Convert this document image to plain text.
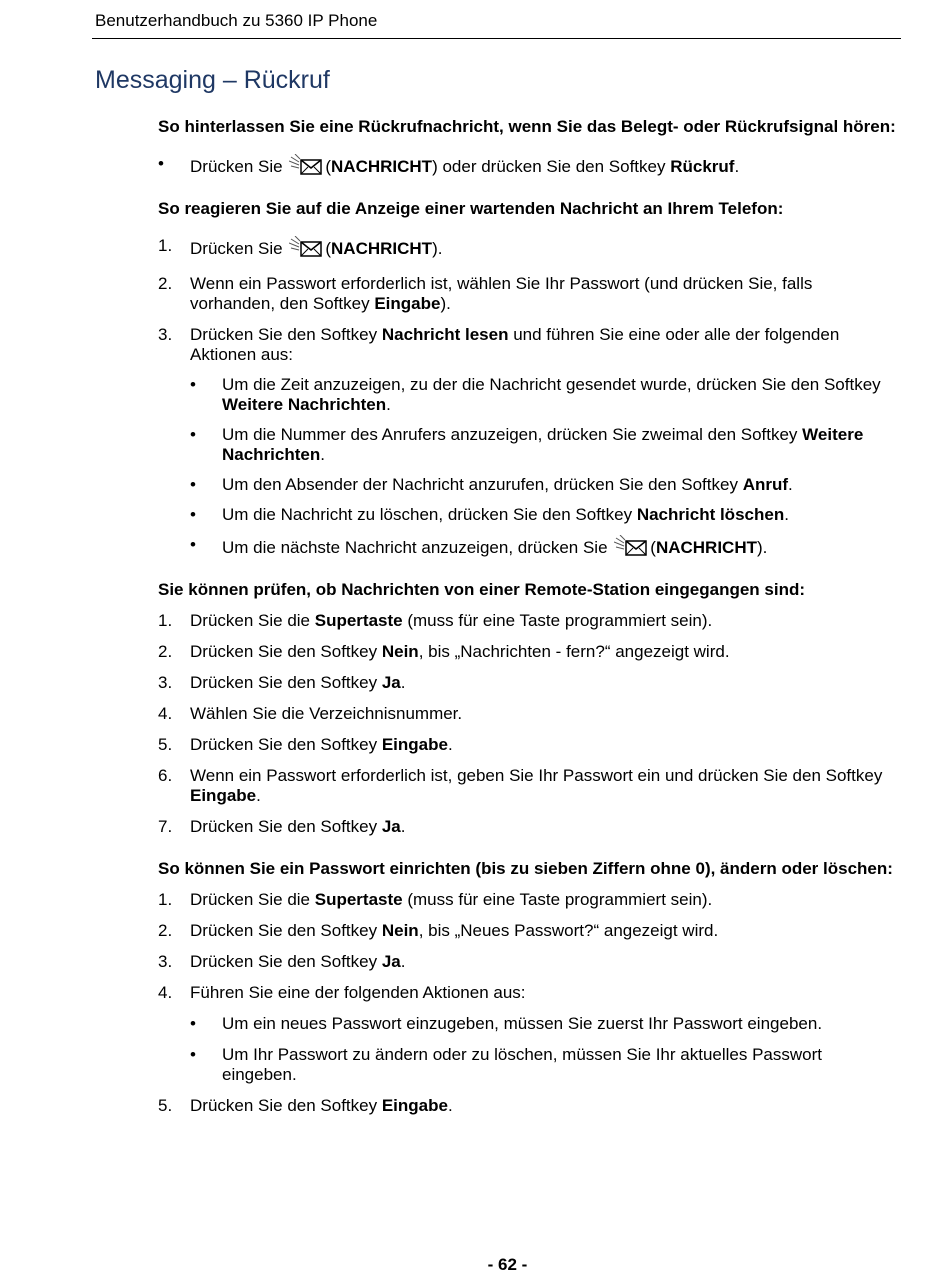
Benutzerhandbuch zu 5360 IP Phone
Messaging – Rückruf

So hinterlassen Sie eine Rückrufnachricht, wenn Sie das Belegt- oder Rückrufsignal hören:

• Drücken Sie	(NACHRICHT) oder drücken Sie den Softkey Rückruf.

So reagieren Sie auf die Anzeige einer wartenden Nachricht an Ihrem Telefon:

1. Drücken Sie	(NACHRICHT).
2. Wenn ein Passwort erforderlich ist, wählen Sie Ihr Passwort (und drücken Sie, falls vorhanden, den Softkey Eingabe).
3. Drücken Sie den Softkey Nachricht lesen und führen Sie eine oder alle der folgenden Aktionen aus:
• Um die Zeit anzuzeigen, zu der die Nachricht gesendet wurde, drücken Sie den Softkey Weitere Nachrichten.
• Um die Nummer des Anrufers anzuzeigen, drücken Sie zweimal den Softkey Weitere Nachrichten.
• Um den Absender der Nachricht anzurufen, drücken Sie den Softkey Anruf.
• Um die Nachricht zu löschen, drücken Sie den Softkey Nachricht löschen.
• Um die nächste Nachricht anzuzeigen, drücken Sie	(NACHRICHT).

Sie können prüfen, ob Nachrichten von einer Remote-Station eingegangen sind:

1. Drücken Sie die Supertaste (muss für eine Taste programmiert sein).
2. Drücken Sie den Softkey Nein, bis „Nachrichten - fern?“ angezeigt wird.
3. Drücken Sie den Softkey Ja.
4. Wählen Sie die Verzeichnisnummer.
5. Drücken Sie den Softkey Eingabe.
6. Wenn ein Passwort erforderlich ist, geben Sie Ihr Passwort ein und drücken Sie den Softkey Eingabe.
7. Drücken Sie den Softkey Ja.

So können Sie ein Passwort einrichten (bis zu sieben Ziffern ohne 0), ändern oder löschen:

1. Drücken Sie die Supertaste (muss für eine Taste programmiert sein).
2. Drücken Sie den Softkey Nein, bis „Neues Passwort?“ angezeigt wird.
3. Drücken Sie den Softkey Ja.
4. Führen Sie eine der folgenden Aktionen aus:
• Um ein neues Passwort einzugeben, müssen Sie zuerst Ihr Passwort eingeben.
• Um Ihr Passwort zu ändern oder zu löschen, müssen Sie Ihr aktuelles Passwort eingeben.
5. Drücken Sie den Softkey Eingabe.
- 62 -
